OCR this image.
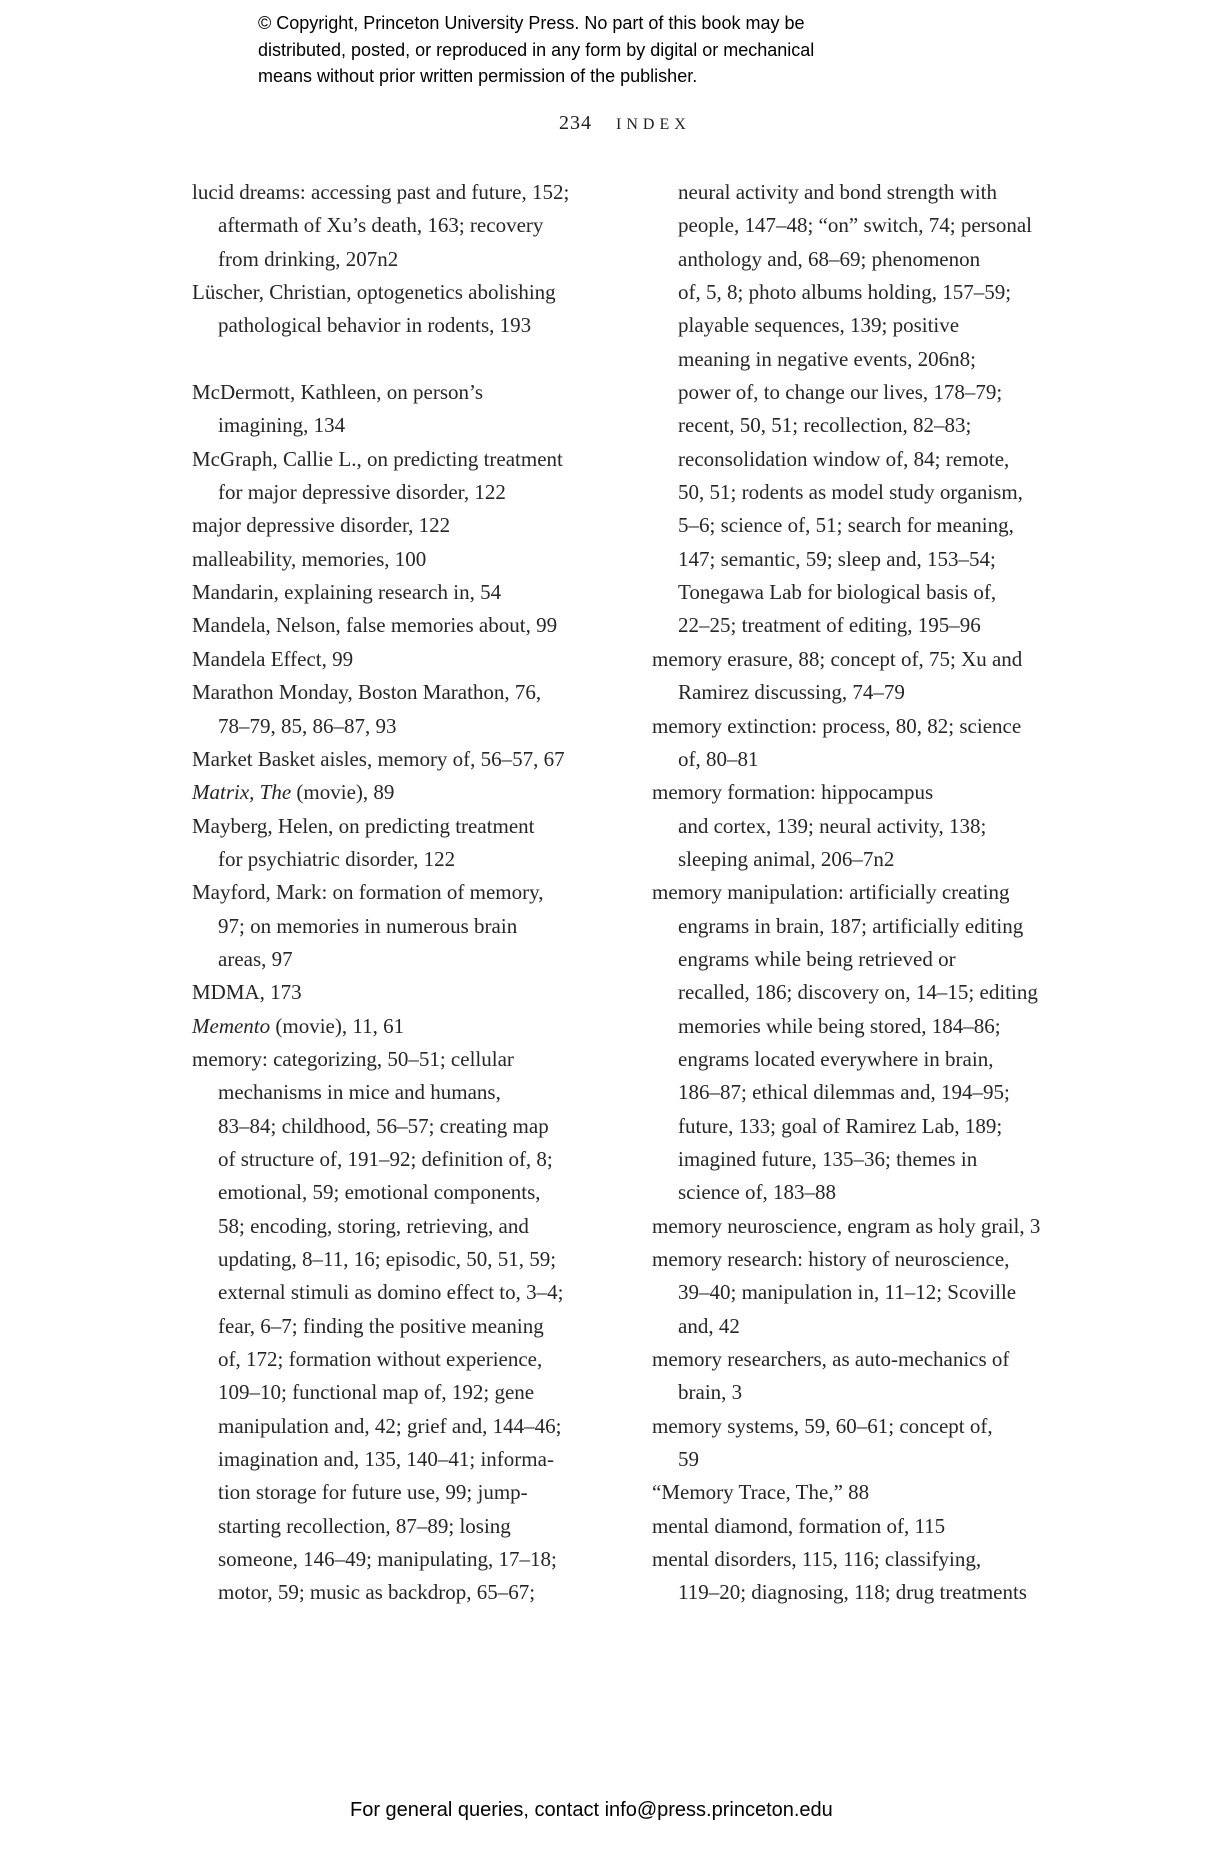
© Copyright, Princeton University Press. No part of this book may be
distributed, posted, or reproduced in any form by digital or mechanical
means without prior written permission of the publisher.
234 INDEX
lucid dreams: accessing past and future, 152;
aftermath of Xu’s death, 163; recovery
from drinking, 207n2
Lüscher, Christian, optogenetics abolishing
pathological behavior in rodents, 193
McDermott, Kathleen, on person’s
imagining, 134
McGraph, Callie L., on predicting treatment
for major depressive disorder, 122
major depressive disorder, 122
malleability, memories, 100
Mandarin, explaining research in, 54
Mandela, Nelson, false memories about, 99
Mandela Effect, 99
Marathon Monday, Boston Marathon, 76,
78–79, 85, 86–87, 93
Market Basket aisles, memory of, 56–57, 67
Matrix, The (movie), 89
Mayberg, Helen, on predicting treatment
for psychiatric disorder, 122
Mayford, Mark: on formation of memory,
97; on memories in numerous brain
areas, 97
MDMA, 173
Memento (movie), 11, 61
memory: categorizing, 50–51; cellular
mechanisms in mice and humans,
83–84; childhood, 56–57; creating map
of structure of, 191–92; definition of, 8;
emotional, 59; emotional components,
58; encoding, storing, retrieving, and
updating, 8–11, 16; episodic, 50, 51, 59;
external stimuli as domino effect to, 3–4;
fear, 6–7; finding the positive meaning
of, 172; formation without experience,
109–10; functional map of, 192; gene
manipulation and, 42; grief and, 144–46;
imagination and, 135, 140–41; informa-
tion storage for future use, 99; jump-
starting recollection, 87–89; losing
someone, 146–49; manipulating, 17–18;
motor, 59; music as backdrop, 65–67;
neural activity and bond strength with
people, 147–48; “on” switch, 74; personal
anthology and, 68–69; phenomenon
of, 5, 8; photo albums holding, 157–59;
playable sequences, 139; positive
meaning in negative events, 206n8;
power of, to change our lives, 178–79;
recent, 50, 51; recollection, 82–83;
reconsolidation window of, 84; remote,
50, 51; rodents as model study organism,
5–6; science of, 51; search for meaning,
147; semantic, 59; sleep and, 153–54;
Tonegawa Lab for biological basis of,
22–25; treatment of editing, 195–96
memory erasure, 88; concept of, 75; Xu and
Ramirez discussing, 74–79
memory extinction: process, 80, 82; science
of, 80–81
memory formation: hippocampus
and cortex, 139; neural activity, 138;
sleeping animal, 206–7n2
memory manipulation: artificially creating
engrams in brain, 187; artificially editing
engrams while being retrieved or
recalled, 186; discovery on, 14–15; editing
memories while being stored, 184–86;
engrams located everywhere in brain,
186–87; ethical dilemmas and, 194–95;
future, 133; goal of Ramirez Lab, 189;
imagined future, 135–36; themes in
science of, 183–88
memory neuroscience, engram as holy grail, 3
memory research: history of neuroscience,
39–40; manipulation in, 11–12; Scoville
and, 42
memory researchers, as auto-mechanics of
brain, 3
memory systems, 59, 60–61; concept of,
59
“Memory Trace, The,” 88
mental diamond, formation of, 115
mental disorders, 115, 116; classifying,
119–20; diagnosing, 118; drug treatments
For general queries, contact info@press.princeton.edu
